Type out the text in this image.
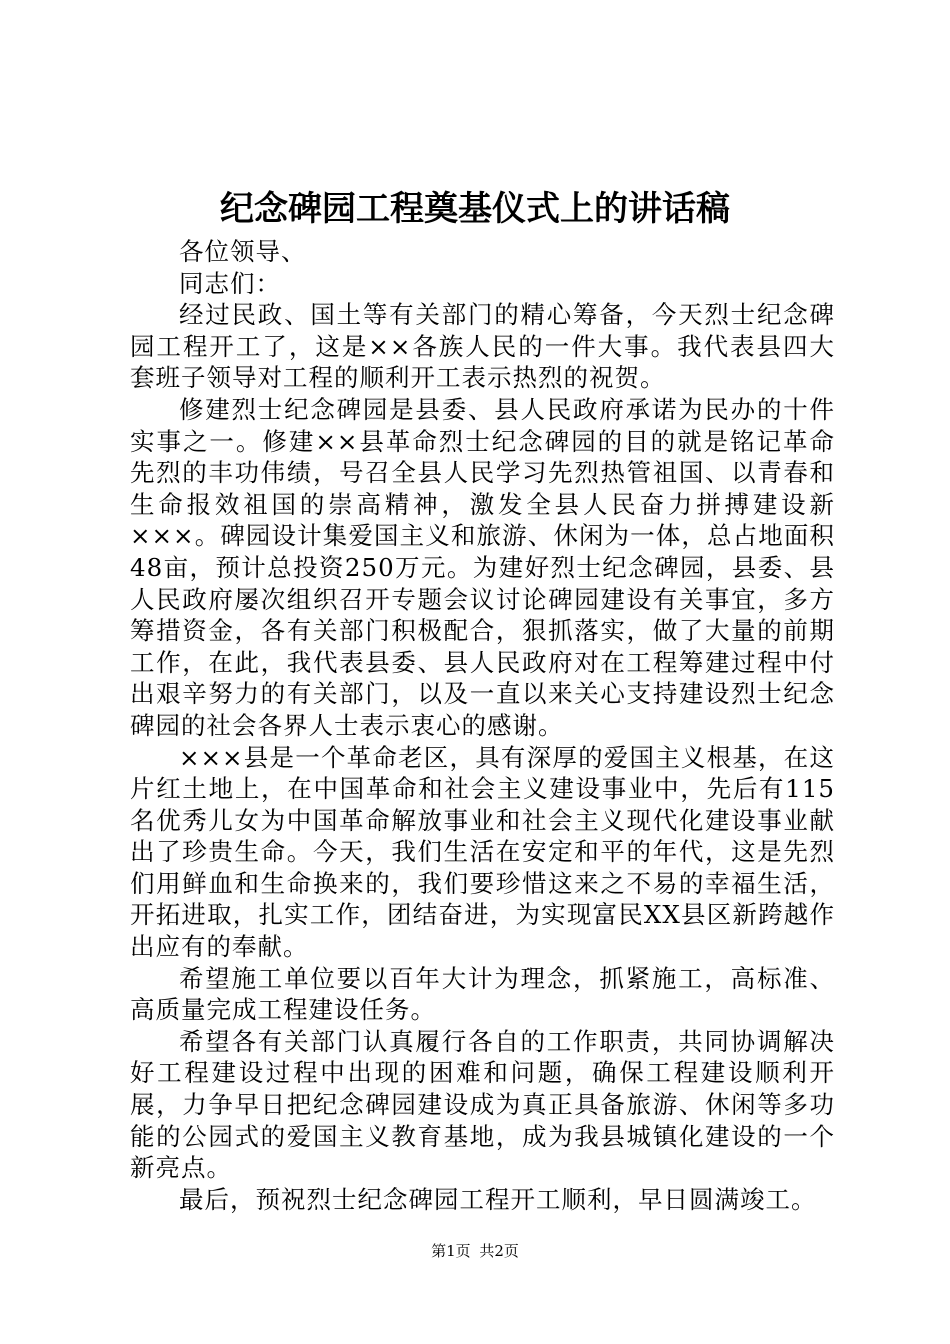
纪念碑园工程奠基仪式上的讲话稿

各位领导、

同志们：

经过民政、国土等有关部门的精心筹备，今天烈士纪念碑园工程开工了，这是××各族人民的一件大事。我代表县四大套班子领导对工程的顺利开工表示热烈的祝贺。

修建烈士纪念碑园是县委、县人民政府承诺为民办的十件实事之一。修建××县革命烈士纪念碑园的目的就是铭记革命先烈的丰功伟绩，号召全县人民学习先烈热管祖国、以青春和生命报效祖国的崇高精神，激发全县人民奋力拼搏建设新×××。碑园设计集爱国主义和旅游、休闲为一体，总占地面积48亩，预计总投资250万元。为建好烈士纪念碑园，县委、县人民政府屡次组织召开专题会议讨论碑园建设有关事宜，多方筹措资金，各有关部门积极配合，狠抓落实，做了大量的前期工作，在此，我代表县委、县人民政府对在工程筹建过程中付出艰辛努力的有关部门，以及一直以来关心支持建设烈士纪念碑园的社会各界人士表示衷心的感谢。

×××县是一个革命老区，具有深厚的爱国主义根基，在这片红土地上，在中国革命和社会主义建设事业中，先后有115名优秀儿女为中国革命解放事业和社会主义现代化建设事业献出了珍贵生命。今天，我们生活在安定和平的年代，这是先烈们用鲜血和生命换来的，我们要珍惜这来之不易的幸福生活，开拓进取，扎实工作，团结奋进，为实现富民XX县区新跨越作出应有的奉献。

希望施工单位要以百年大计为理念，抓紧施工，高标准、高质量完成工程建设任务。

希望各有关部门认真履行各自的工作职责，共同协调解决好工程建设过程中出现的困难和问题，确保工程建设顺利开展，力争早日把纪念碑园建设成为真正具备旅游、休闲等多功能的公园式的爱国主义教育基地，成为我县城镇化建设的一个新亮点。

最后，预祝烈士纪念碑园工程开工顺利，早日圆满竣工。

第1页 共2页
